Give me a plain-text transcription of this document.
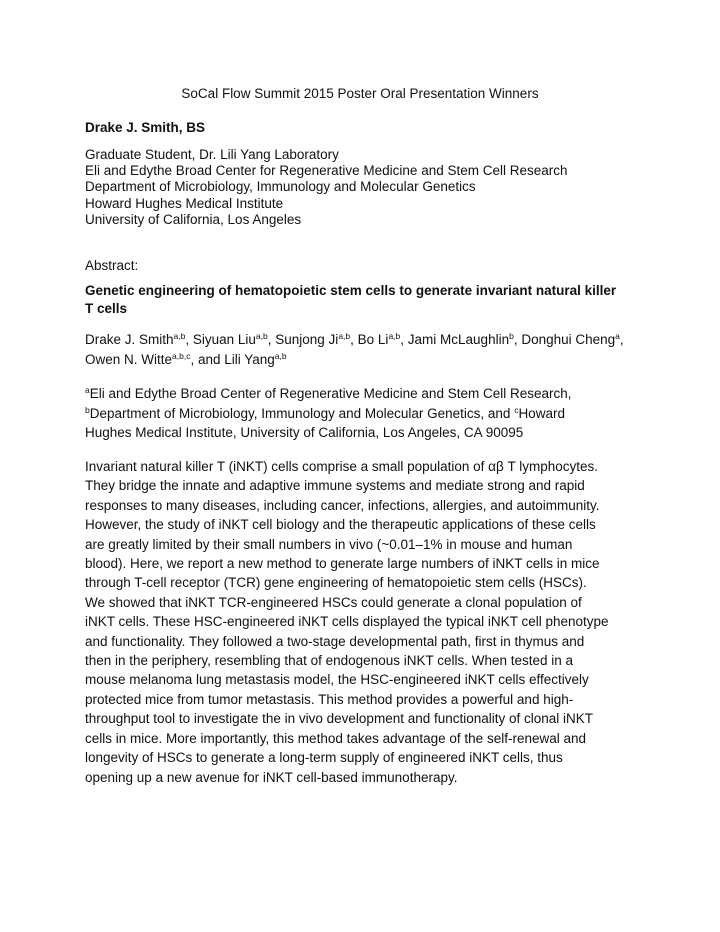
SoCal Flow Summit 2015 Poster Oral Presentation Winners
Drake J. Smith, BS
Graduate Student, Dr. Lili Yang Laboratory
Eli and Edythe Broad Center for Regenerative Medicine and Stem Cell Research
Department of Microbiology, Immunology and Molecular Genetics
Howard Hughes Medical Institute
University of California, Los Angeles
Abstract:
Genetic engineering of hematopoietic stem cells to generate invariant natural killer T cells
Drake J. Smith$^{a,b}$, Siyuan Liu$^{a,b}$, Sunjong Ji$^{a,b}$, Bo Li$^{a,b}$, Jami McLaughlin$^b$, Donghui Cheng$^a$, Owen N. Witte$^{a,b,c}$, and Lili Yang$^{a,b}$
$^a$Eli and Edythe Broad Center of Regenerative Medicine and Stem Cell Research,
$^b$Department of Microbiology, Immunology and Molecular Genetics, and $^c$Howard
Hughes Medical Institute, University of California, Los Angeles, CA 90095
Invariant natural killer T (iNKT) cells comprise a small population of αβ T lymphocytes.
They bridge the innate and adaptive immune systems and mediate strong and rapid
responses to many diseases, including cancer, infections, allergies, and autoimmunity.
However, the study of iNKT cell biology and the therapeutic applications of these cells
are greatly limited by their small numbers in vivo (~0.01–1% in mouse and human
blood). Here, we report a new method to generate large numbers of iNKT cells in mice
through T-cell receptor (TCR) gene engineering of hematopoietic stem cells (HSCs).
We showed that iNKT TCR-engineered HSCs could generate a clonal population of
iNKT cells. These HSC-engineered iNKT cells displayed the typical iNKT cell phenotype
and functionality. They followed a two-stage developmental path, first in thymus and
then in the periphery, resembling that of endogenous iNKT cells. When tested in a
mouse melanoma lung metastasis model, the HSC-engineered iNKT cells effectively
protected mice from tumor metastasis. This method provides a powerful and high-
throughput tool to investigate the in vivo development and functionality of clonal iNKT
cells in mice. More importantly, this method takes advantage of the self-renewal and
longevity of HSCs to generate a long-term supply of engineered iNKT cells, thus
opening up a new avenue for iNKT cell-based immunotherapy.
